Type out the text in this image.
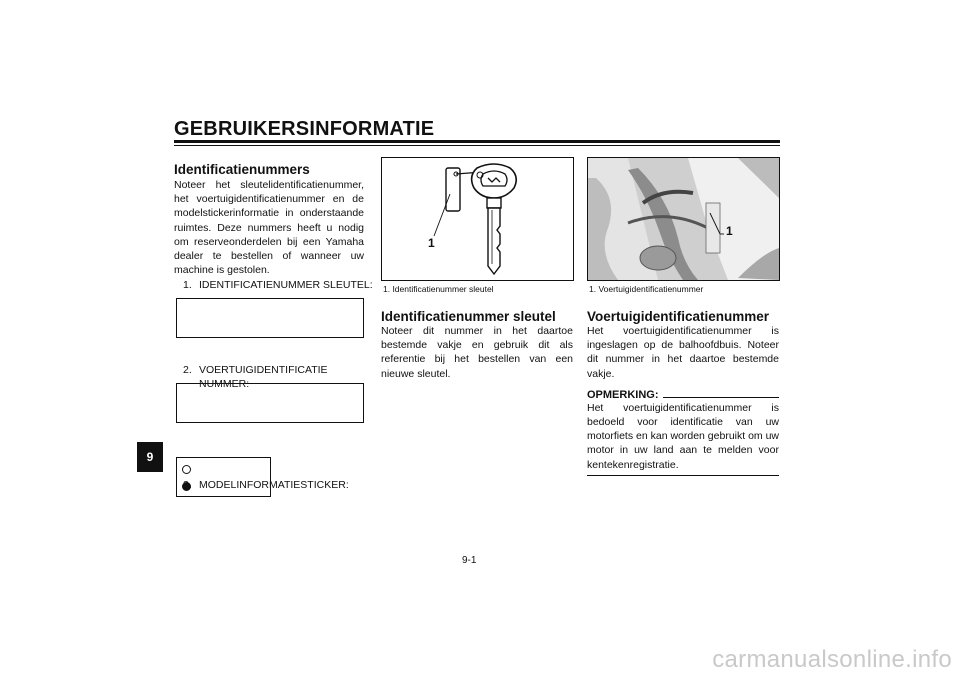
GEBRUIKERSINFORMATIE
9
Identificatienummers
Noteer het sleutelidentificatienummer, het voertuigidentificatienummer en de modelstickerinformatie in onderstaande ruimtes. Deze nummers heeft u nodig om reserveonderdelen bij een Yamaha dealer te bestellen of wanneer uw machine is gestolen.
1. IDENTIFICATIENUMMER SLEUTEL:
2. VOERTUIGIDENTIFICATIE NUMMER:
MODELINFORMATIESTICKER:
1
1. Identificatienummer sleutel
1
1. Voertuigidentificatienummer
Identificatienummer sleutel
Noteer dit nummer in het daartoe bestemde vakje en gebruik dit als referentie bij het bestellen van een nieuwe sleutel.
Voertuigidentificatienummer
Het voertuigidentificatienummer is ingeslagen op de balhoofdbuis. Noteer dit nummer in het daartoe bestemde vakje.
OPMERKING:
Het voertuigidentificatienummer is bedoeld voor identificatie van uw motorfiets en kan worden gebruikt om uw motor in uw land aan te melden voor kentekenregistratie.
9-1
carmanualsonline.info
